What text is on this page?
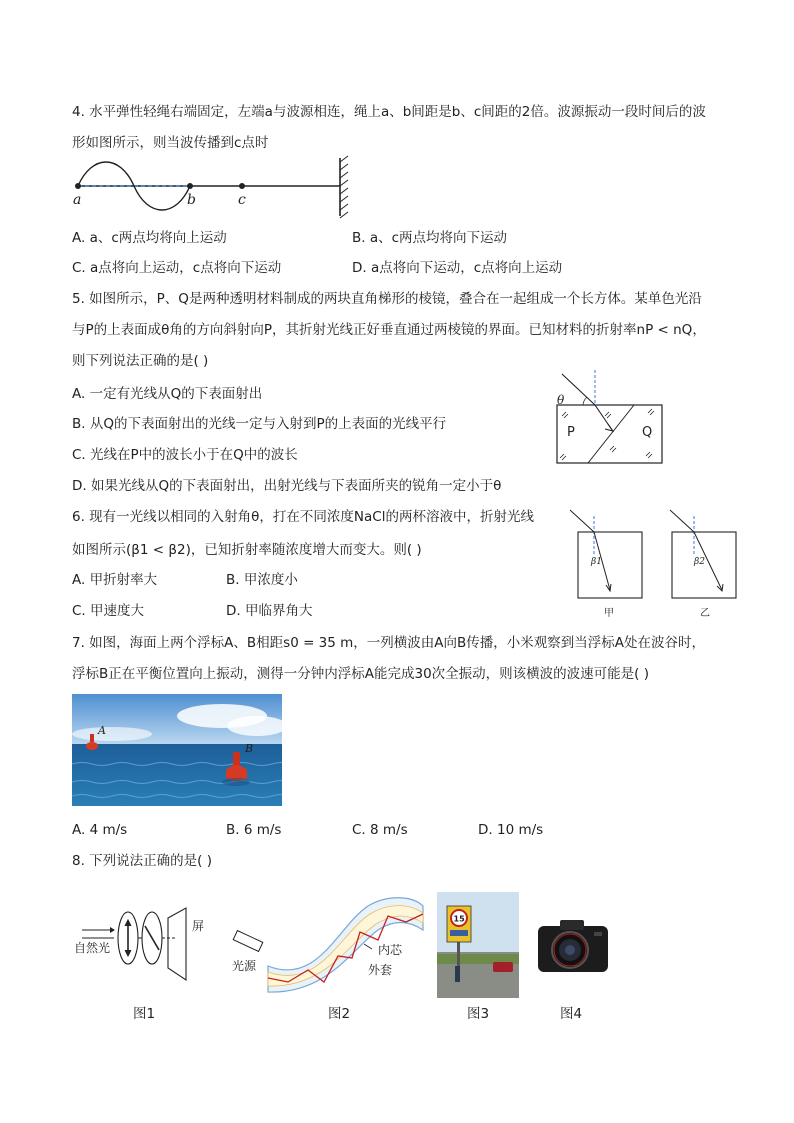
4. 水平弹性轻绳右端固定，左端a与波源相连，绳上a、b间距是b、c间距的2倍。波源振动一段时间后的波
形如图所示，则当波传播到c点时
a	b	c
A. a、c两点均将向上运动	B. a、c两点均将向下运动
C. a点将向上运动，c点将向下运动	D. a点将向下运动，c点将向上运动
5. 如图所示，P、Q是两种透明材料制成的两块直角梯形的棱镜，叠合在一起组成一个长方体。某单色光沿
与P的上表面成θ角的方向斜射向P，其折射光线正好垂直通过两棱镜的界面。已知材料的折射率nP < nQ，
则下列说法正确的是( )
θ
P	Q
A. 一定有光线从Q的下表面射出
B. 从Q的下表面射出的光线一定与入射到P的上表面的光线平行
C. 光线在P中的波长小于在Q中的波长
D. 如果光线从Q的下表面射出，出射光线与下表面所夹的锐角一定小于θ
6. 现有一光线以相同的入射角θ，打在不同浓度NaCl的两杯溶液中，折射光线
如图所示(β1 < β2)，已知折射率随浓度增大而变大。则( )
β1
甲
β2
乙
A. 甲折射率大	B. 甲浓度小
C. 甲速度大	D. 甲临界角大
7. 如图，海面上两个浮标A、B相距s0 = 35 m，一列横波由A向B传播，小米观察到当浮标A处在波谷时，
浮标B正在平衡位置向上振动，测得一分钟内浮标A能完成30次全振动，则该横波的波速可能是( )
A
B
A. 4 m/s	B. 6 m/s	C. 8 m/s	D. 10 m/s
8. 下列说法正确的是( )
自然光
屏
图1
光源
内芯
外套
图2
15
图3	图4
